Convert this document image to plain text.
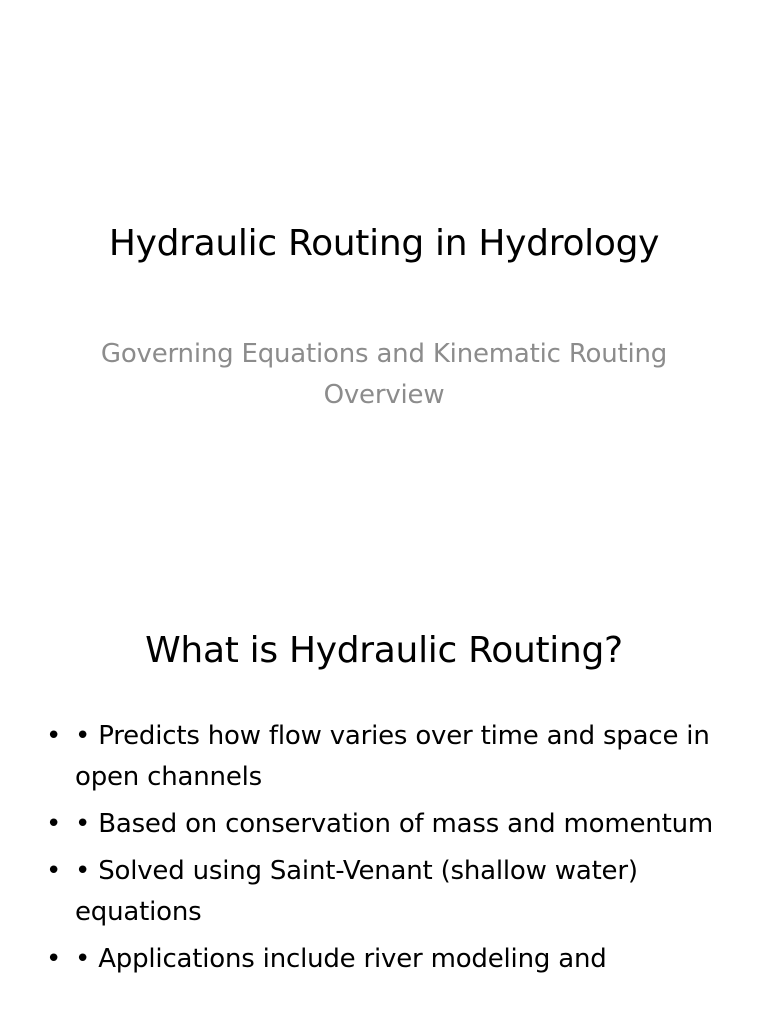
Hydraulic Routing in Hydrology
Governing Equations and Kinematic Routing Overview
What is Hydraulic Routing?
• • Predicts how flow varies over time and space in open channels
• • Based on conservation of mass and momentum
• • Solved using Saint-Venant (shallow water) equations
• • Applications include river modeling and
